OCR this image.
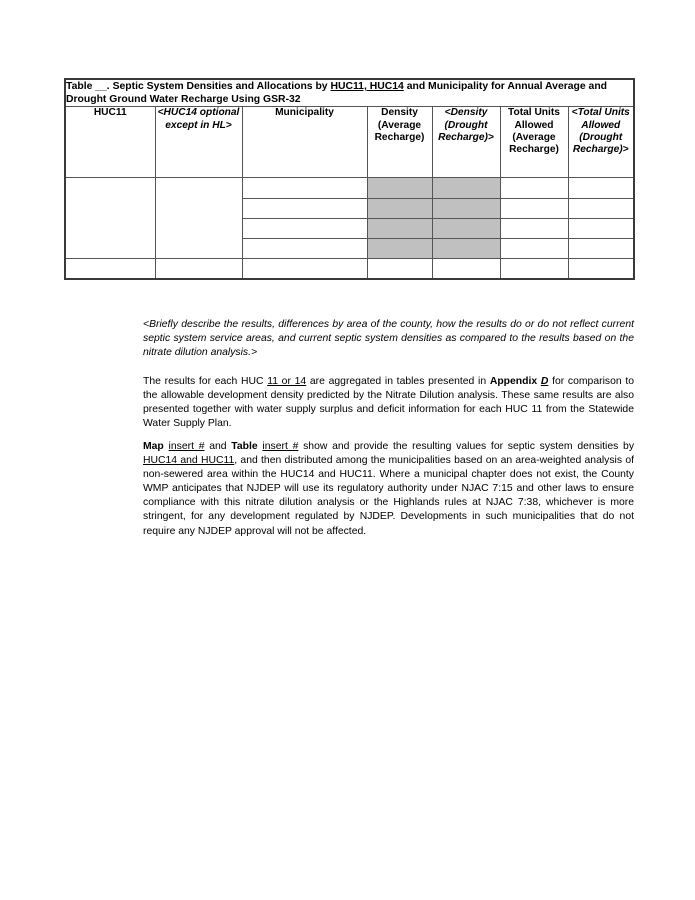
Table __. Septic System Densities and Allocations by HUC11, HUC14 and Municipality for Annual Average and Drought Ground Water Recharge Using GSR-32						
HUC11	<HUC14 optional except in HL>	Municipality	Density (Average Recharge)	<Density (Drought Recharge)>	Total Units Allowed (Average Recharge)	<Total Units Allowed (Drought Recharge)>

<Briefly describe the results, differences by area of the county, how the results do or do not reflect current septic system service areas, and current septic system densities as compared to the results based on the nitrate dilution analysis.>
The results for each HUC 11 or 14 are aggregated in tables presented in Appendix D for comparison to the allowable development density predicted by the Nitrate Dilution analysis. These same results are also presented together with water supply surplus and deficit information for each HUC 11 from the Statewide Water Supply Plan.
Map insert # and Table insert # show and provide the resulting values for septic system densities by HUC14 and HUC11, and then distributed among the municipalities based on an area-weighted analysis of non-sewered area within the HUC14 and HUC11. Where a municipal chapter does not exist, the County WMP anticipates that NJDEP will use its regulatory authority under NJAC 7:15 and other laws to ensure compliance with this nitrate dilution analysis or the Highlands rules at NJAC 7:38, whichever is more stringent, for any development regulated by NJDEP. Developments in such municipalities that do not require any NJDEP approval will not be affected.
